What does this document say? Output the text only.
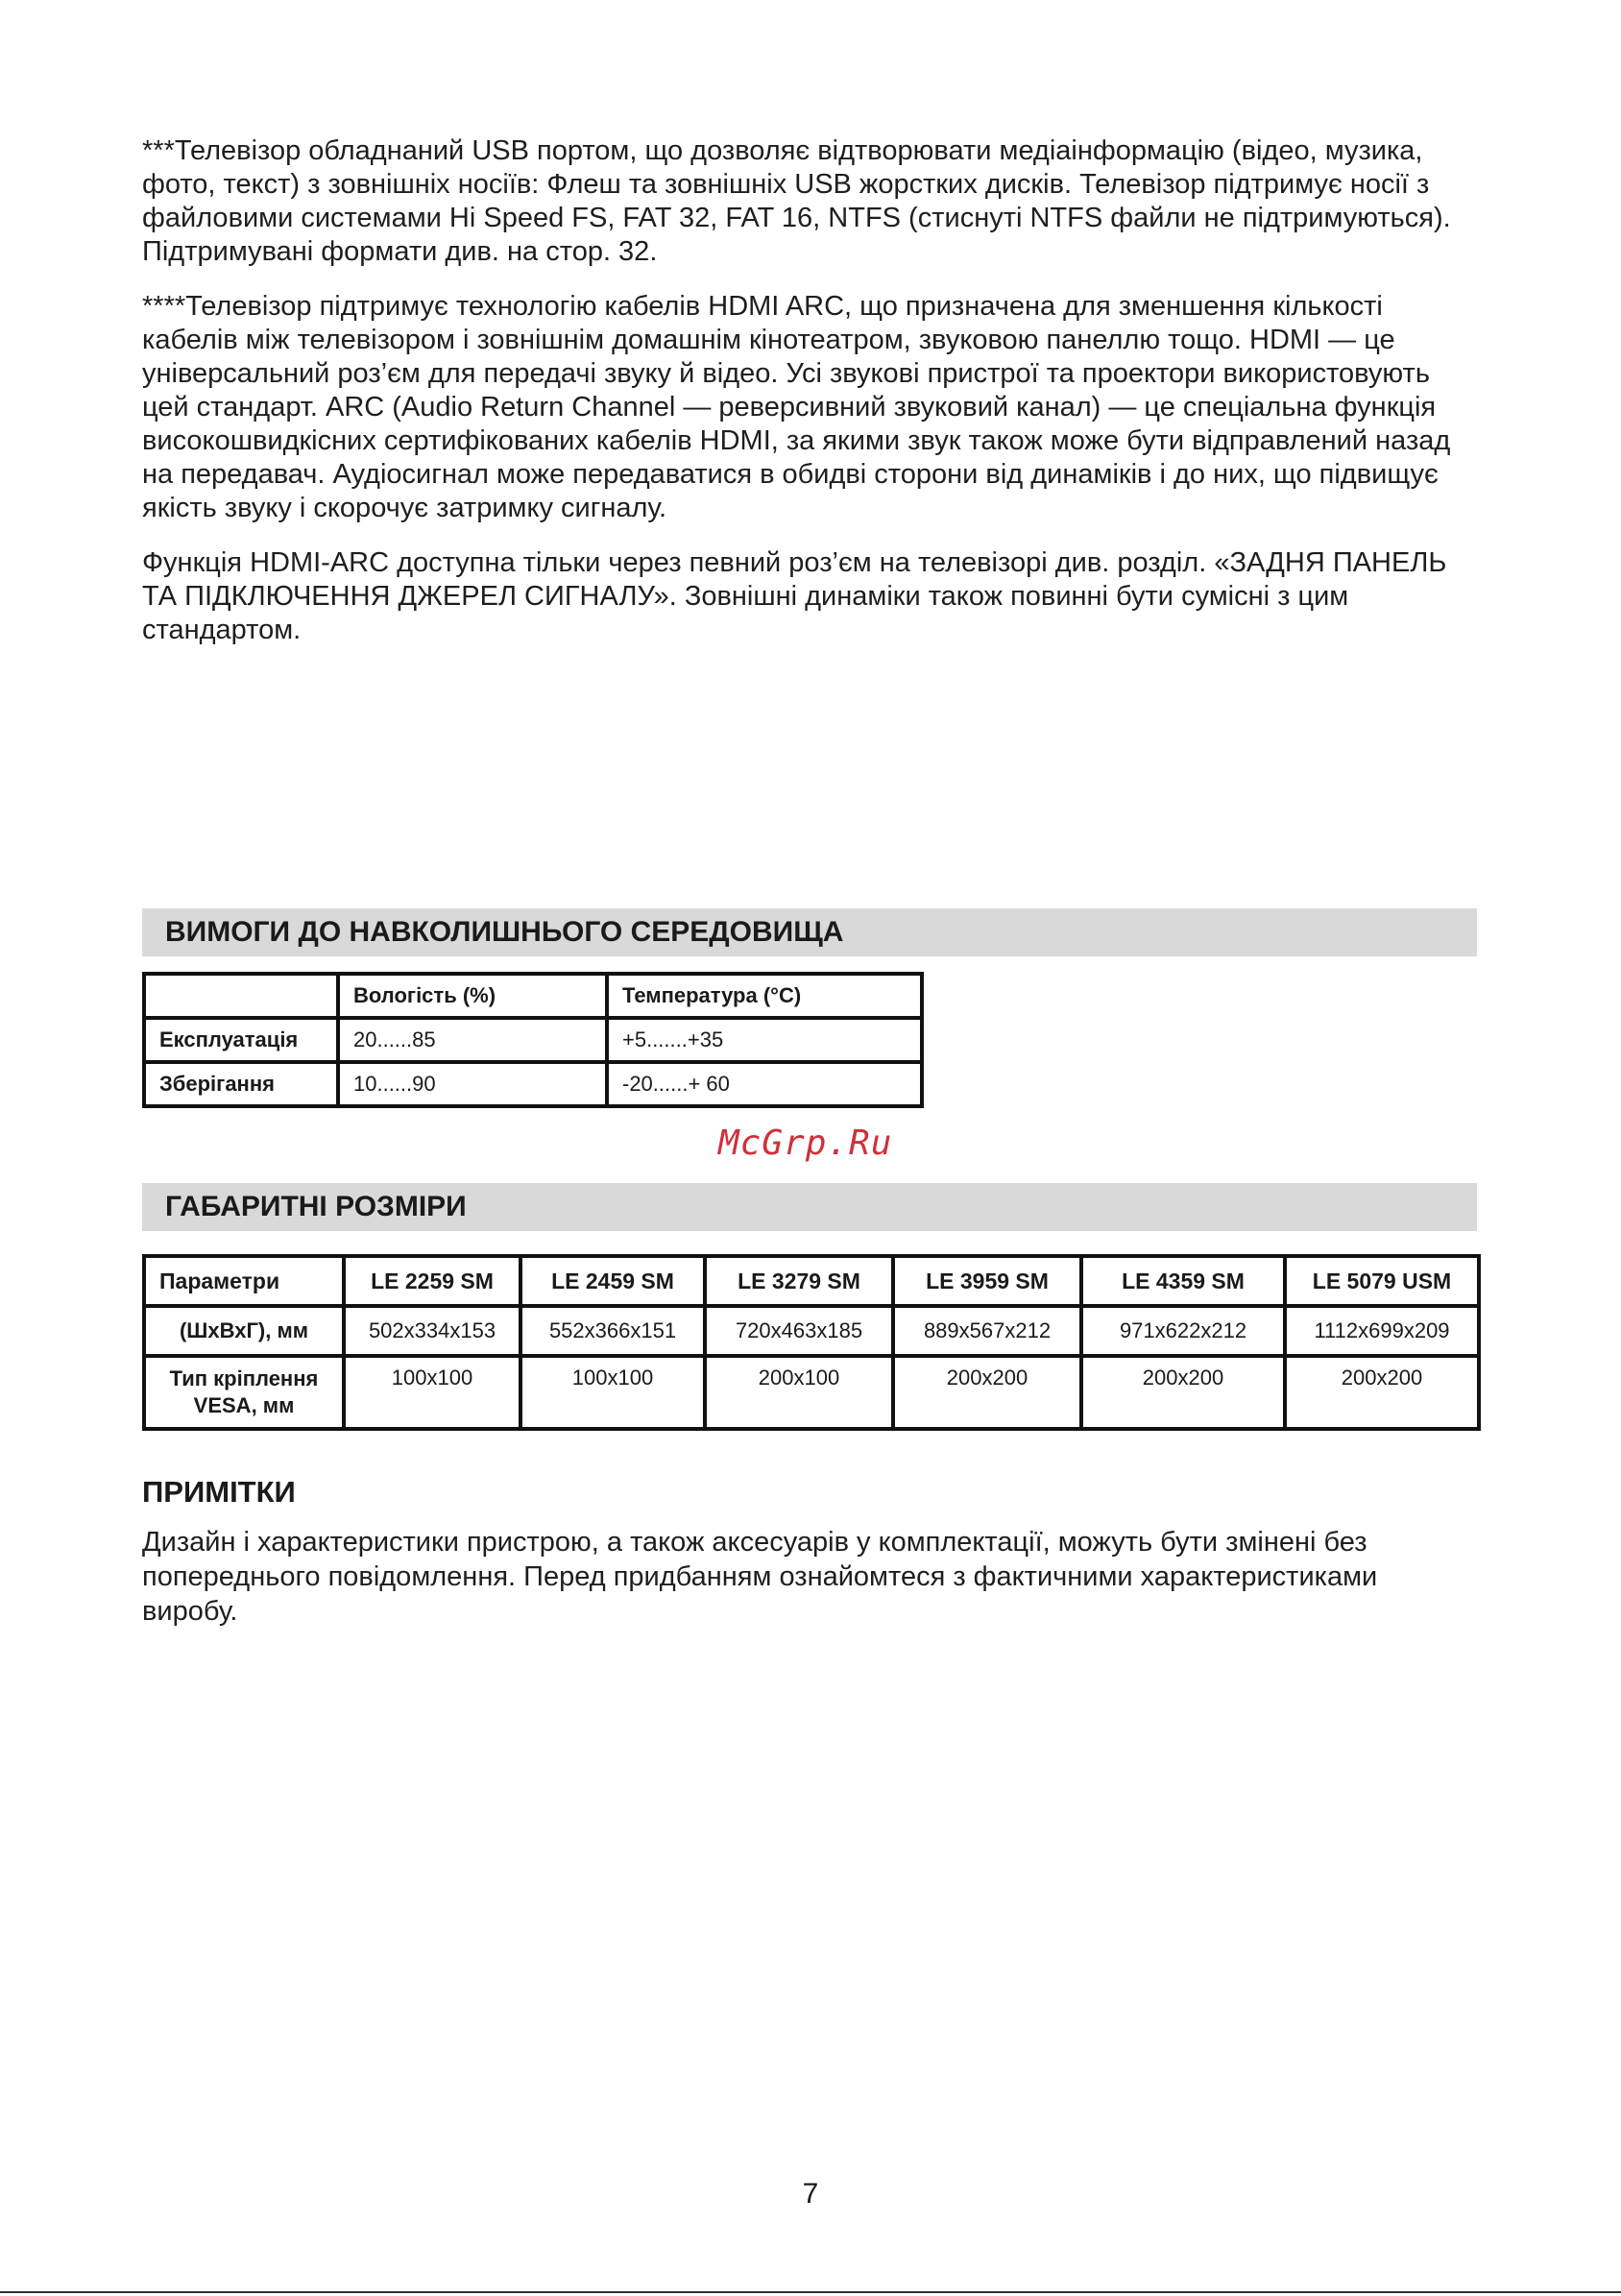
***Телевізор обладнаний USB портом, що дозволяє відтворювати медіаінформацію (відео, музика, фото, текст) з зовнішніх носіїв: Флеш та зовнішніх USB жорстких дисків. Телевізор підтримує носії з файловими системами Hi Speed FS, FAT 32, FAT 16, NTFS (стиснуті NTFS файли не підтримуються). Підтримувані формати див. на стор. 32.

****Телевізор підтримує технологію кабелів HDMI ARC, що призначена для зменшення кількості кабелів між телевізором і зовнішнім домашнім кінотеатром, звуковою панеллю тощо. HDMI — це універсальний роз’єм для передачі звуку й відео. Усі звукові пристрої та проектори використовують цей стандарт. ARC (Audio Return Channel — реверсивний звуковий канал) — це спеціальна функція високошвидкісних сертифікованих кабелів HDMI, за якими звук також може бути відправлений назад на передавач. Аудіосигнал може передаватися в обидві сторони від динаміків і до них, що підвищує якість звуку і скорочує затримку сигналу.

Функція HDMI-ARC доступна тільки через певний роз’єм на телевізорі див. розділ. «ЗАДНЯ ПАНЕЛЬ ТА ПІДКЛЮЧЕННЯ ДЖЕРЕЛ СИГНАЛУ». Зовнішні динаміки також повинні бути сумісні з цим стандартом.

ВИМОГИ ДО НАВКОЛИШНЬОГО СЕРЕДОВИЩА
	Вологість (%)	Температура (°C)
Експлуатація	20......85	+5.......+35
Зберігання	10......90	-20......+ 60
McGrp.Ru
ГАБАРИТНІ РОЗМІРИ
Параметри	LE 2259 SM	LE 2459 SM	LE 3279 SM	LE 3959 SM	LE 4359 SM	LE 5079 USM
(ШхВхГ), мм	502x334x153	552x366x151	720x463x185	889x567x212	971x622x212	1112x699x209
Тип кріплення
VESA, мм	100x100	100x100	200x100	200x200	200x200	200x200
ПРИМІТКИ
Дизайн і характеристики пристрою, а також аксесуарів у комплектації, можуть бути змінені без попереднього повідомлення. Перед придбанням ознайомтеся з фактичними характеристиками виробу.
7
